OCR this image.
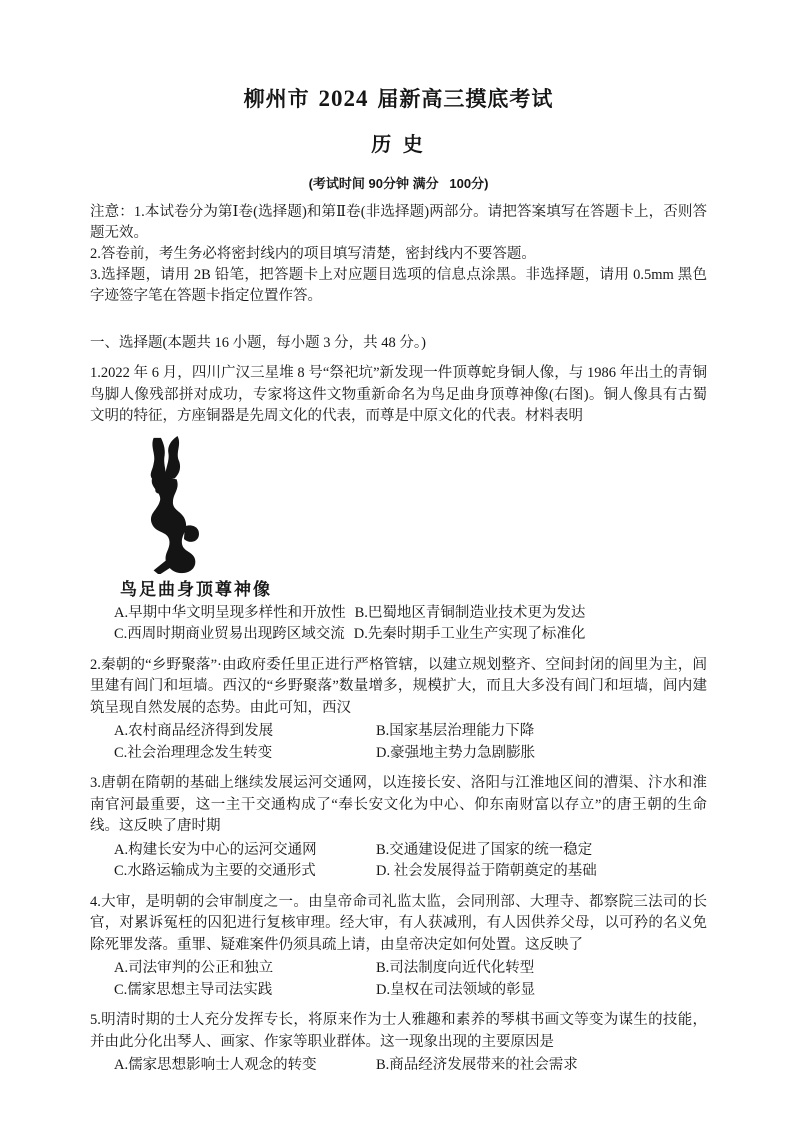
柳州市 2024 届新高三摸底考试
历 史

(考试时间 90分钟 满分   100分)

注意：1.本试卷分为第Ⅰ卷(选择题)和第Ⅱ卷(非选择题)两部分。请把答案填写在答题卡上，否则答题无效。

2.答卷前，考生务必将密封线内的项目填写清楚，密封线内不要答题。

3.选择题，请用 2B 铅笔，把答题卡上对应题目选项的信息点涂黑。非选择题，请用 0.5mm 黑色字迹签字笔在答题卡指定位置作答。

一、选择题(本题共 16 小题，每小题 3 分，共 48 分。)

1.2022 年 6 月，四川广汉三星堆 8 号“祭祀坑”新发现一件顶尊蛇身铜人像，与 1986 年出土的青铜鸟脚人像残部拼对成功，专家将这件文物重新命名为鸟足曲身顶尊神像(右图)。铜人像具有古蜀文明的特征，方座铜器是先周文化的代表，而尊是中原文化的代表。材料表明

鸟足曲身顶尊神像
A.早期中华文明呈现多样性和开放性 B.巴蜀地区青铜制造业技术更为发达
C.西周时期商业贸易出现跨区域交流 D.先秦时期手工业生产实现了标准化

2.秦朝的“乡野聚落”·由政府委任里正进行严格管辖，以建立规划整齐、空间封闭的闾里为主，闾里建有闾门和垣墙。西汉的“乡野聚落”数量增多，规模扩大，而且大多没有闾门和垣墙，闾内建筑呈现自然发展的态势。由此可知，西汉

A.农村商品经济得到发展	B.国家基层治理能力下降
C.社会治理理念发生转变	D.豪强地主势力急剧膨胀

3.唐朝在隋朝的基础上继续发展运河交通网，以连接长安、洛阳与江淮地区间的漕渠、汴水和淮南官河最重要，这一主干交通构成了“奉长安文化为中心、仰东南财富以存立”的唐王朝的生命线。这反映了唐时期

A.构建长安为中心的运河交通网	B.交通建设促进了国家的统一稳定
C.水路运输成为主要的交通形式	D. 社会发展得益于隋朝奠定的基础

4.大审，是明朝的会审制度之一。由皇帝命司礼监太监，会同刑部、大理寺、都察院三法司的长官，对累诉冤枉的囚犯进行复核审理。经大审，有人获减刑，有人因供养父母，以可矜的名义免除死罪发落。重罪、疑难案件仍须具疏上请，由皇帝决定如何处置。这反映了

A.司法审判的公正和独立	B.司法制度向近代化转型
C.儒家思想主导司法实践	D.皇权在司法领域的彰显

5.明清时期的士人充分发挥专长，将原来作为士人雅趣和素养的琴棋书画文等变为谋生的技能，并由此分化出琴人、画家、作家等职业群体。这一现象出现的主要原因是

A.儒家思想影响士人观念的转变	B.商品经济发展带来的社会需求
